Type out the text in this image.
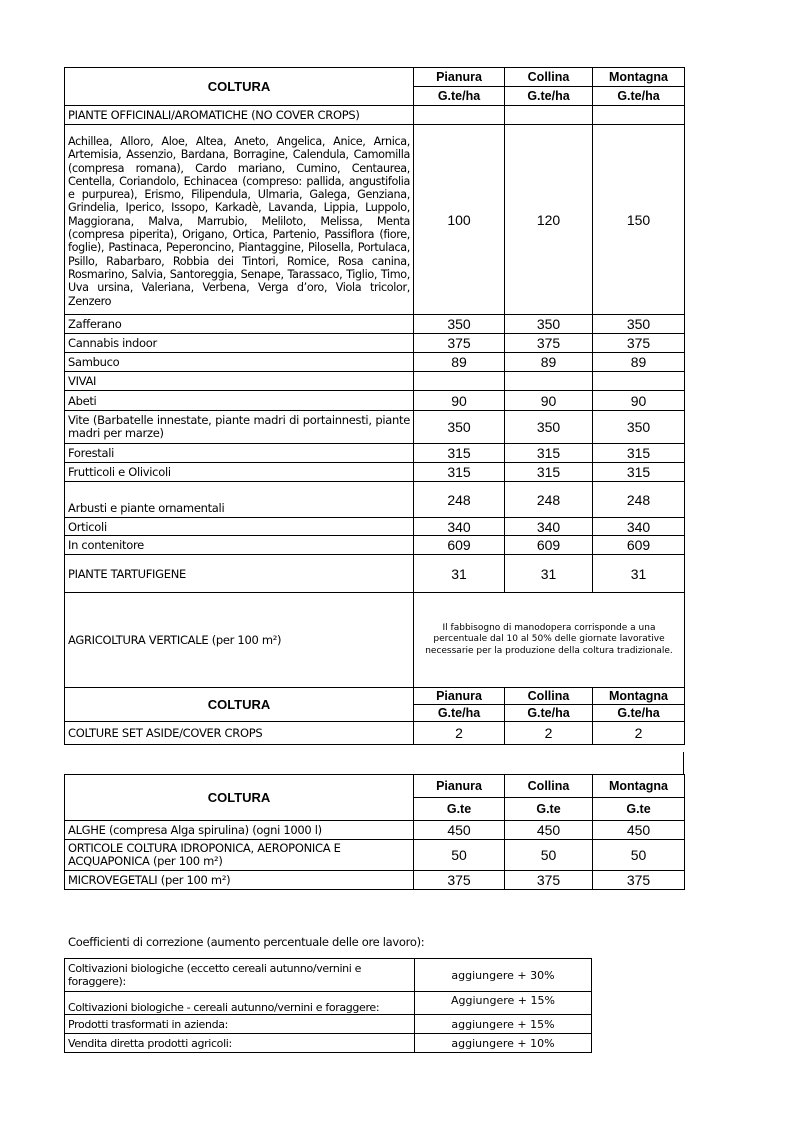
COLTURA	Pianura	Collina	Montagna
	G.te/ha	G.te/ha	G.te/ha
PIANTE OFFICINALI/AROMATICHE (NO COVER CROPS)			
Achillea, Alloro, Aloe, Altea, Aneto, Angelica, Anice, Arnica, Artemisia, Assenzio, Bardana, Borragine, Calendula, Camomilla (compresa romana), Cardo mariano, Cumino, Centaurea, Centella, Coriandolo, Echinacea (compreso: pallida, angustifolia e purpurea), Erismo, Filipendula, Ulmaria, Galega, Genziana, Grindelia, Iperico, Issopo, Karkadè, Lavanda, Lippia, Luppolo, Maggiorana, Malva, Marrubio, Meliloto, Melissa, Menta (compresa piperita), Origano, Ortica, Partenio, Passiflora (fiore, foglie), Pastinaca, Peperoncino, Piantaggine, Pilosella, Portulaca, Psillo, Rabarbaro, Robbia dei Tintori, Romice, Rosa canina, Rosmarino, Salvia, Santoreggia, Senape, Tarassaco, Tiglio, Timo, Uva ursina, Valeriana, Verbena, Verga d’oro, Viola tricolor, Zenzero	100	120	150
Zafferano	350	350	350
Cannabis indoor	375	375	375
Sambuco	89	89	89
VIVAI			
Abeti	90	90	90
Vite (Barbatelle innestate, piante madri di portainnesti, piante madri per marze)	350	350	350
Forestali	315	315	315
Frutticoli e Olivicoli	315	315	315
Arbusti e piante ornamentali	248	248	248
Orticoli	340	340	340
In contenitore	609	609	609
PIANTE TARTUFIGENE	31	31	31
AGRICOLTURA VERTICALE (per 100 m²)	Il fabbisogno di manodopera corrisponde a una percentuale dal 10 al 50% delle giornate lavorative necessarie per la produzione della coltura tradizionale.		
COLTURA	Pianura	Collina	Montagna
	G.te/ha	G.te/ha	G.te/ha
COLTURE SET ASIDE/COVER CROPS	2	2	2
COLTURA	Pianura	Collina	Montagna
	G.te	G.te	G.te
ALGHE (compresa Alga spirulina) (ogni 1000 l)	450	450	450
ORTICOLE COLTURA IDROPONICA, AEROPONICA E ACQUAPONICA (per 100 m²)	50	50	50
MICROVEGETALI (per 100 m²)	375	375	375
Coefficienti di correzione (aumento percentuale delle ore lavoro):
Coltivazioni biologiche (eccetto cereali autunno/vernini e foraggere):	aggiungere + 30%
Coltivazioni biologiche - cereali autunno/vernini e foraggere:	Aggiungere + 15%
Prodotti trasformati in azienda:	aggiungere + 15%
Vendita diretta prodotti agricoli:	aggiungere + 10%
